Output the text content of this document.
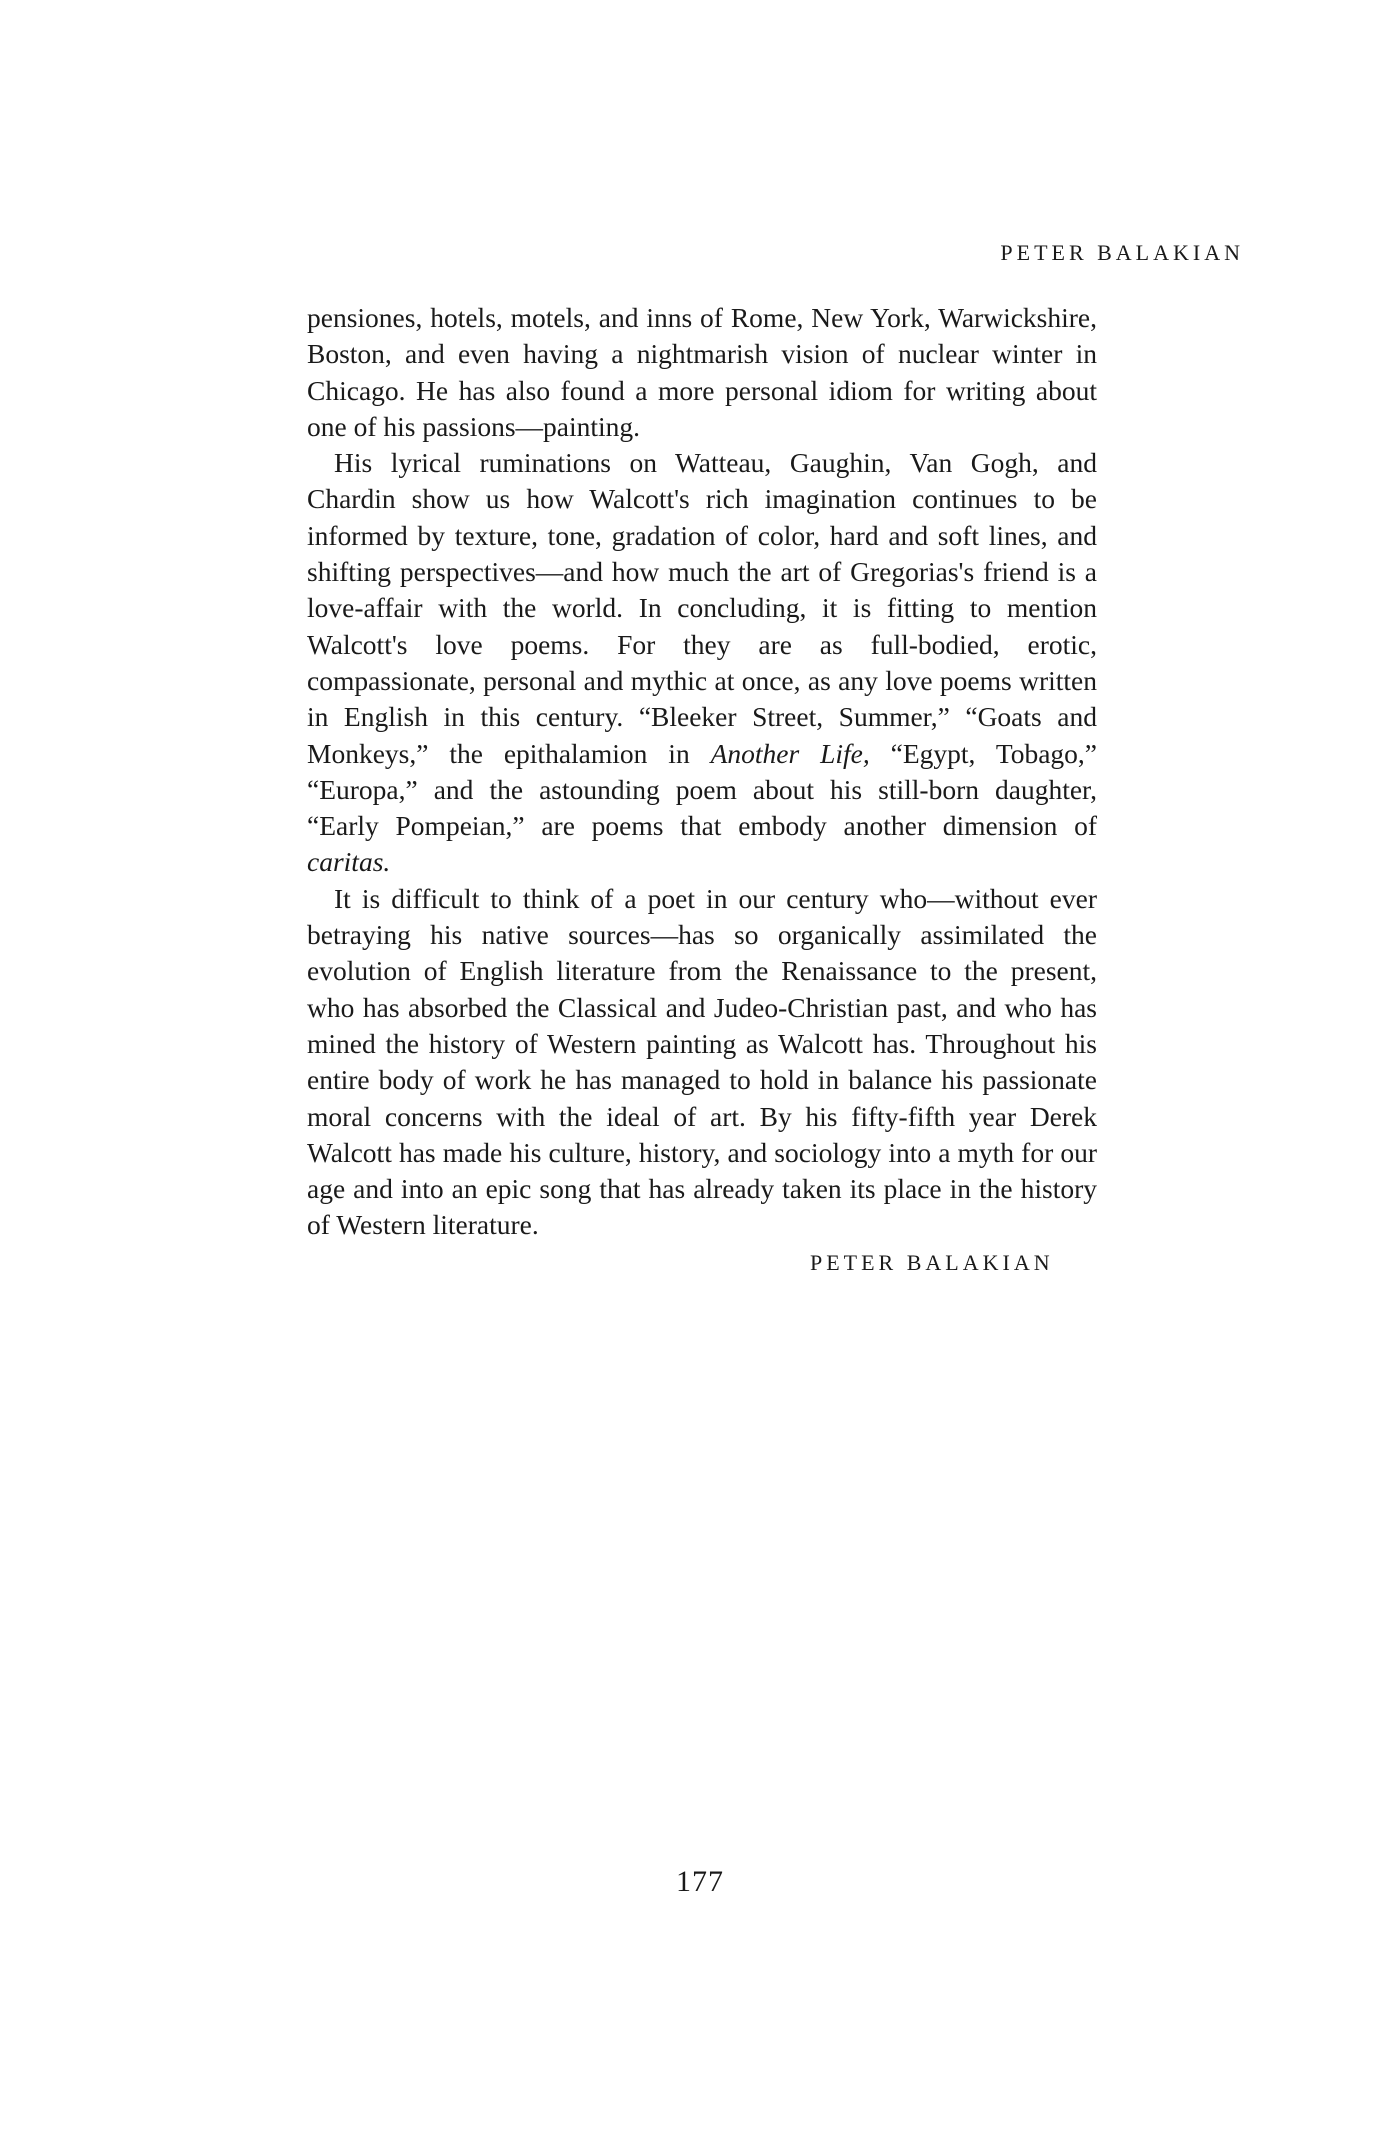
PETER BALAKIAN

pensiones, hotels, motels, and inns of Rome, New York, Warwickshire, Boston, and even having a nightmarish vision of nuclear winter in Chicago. He has also found a more personal idiom for writing about one of his passions—painting.

His lyrical ruminations on Watteau, Gaughin, Van Gogh, and Chardin show us how Walcott's rich imagination continues to be informed by texture, tone, gradation of color, hard and soft lines, and shifting perspectives—and how much the art of Gregorias's friend is a love-affair with the world. In concluding, it is fitting to mention Walcott's love poems. For they are as full-bodied, erotic, compassionate, personal and mythic at once, as any love poems written in English in this century. “Bleeker Street, Summer,” “Goats and Monkeys,” the epithalamion in Another Life, “Egypt, Tobago,” “Europa,” and the astounding poem about his still-born daughter, “Early Pompeian,” are poems that embody another dimension of caritas.

It is difficult to think of a poet in our century who—without ever betraying his native sources—has so organically assimilated the evolution of English literature from the Renaissance to the present, who has absorbed the Classical and Judeo-Christian past, and who has mined the history of Western painting as Walcott has. Throughout his entire body of work he has managed to hold in balance his passionate moral concerns with the ideal of art. By his fifty-fifth year Derek Walcott has made his culture, history, and sociology into a myth for our age and into an epic song that has already taken its place in the history of Western literature.

PETER BALAKIAN
177
